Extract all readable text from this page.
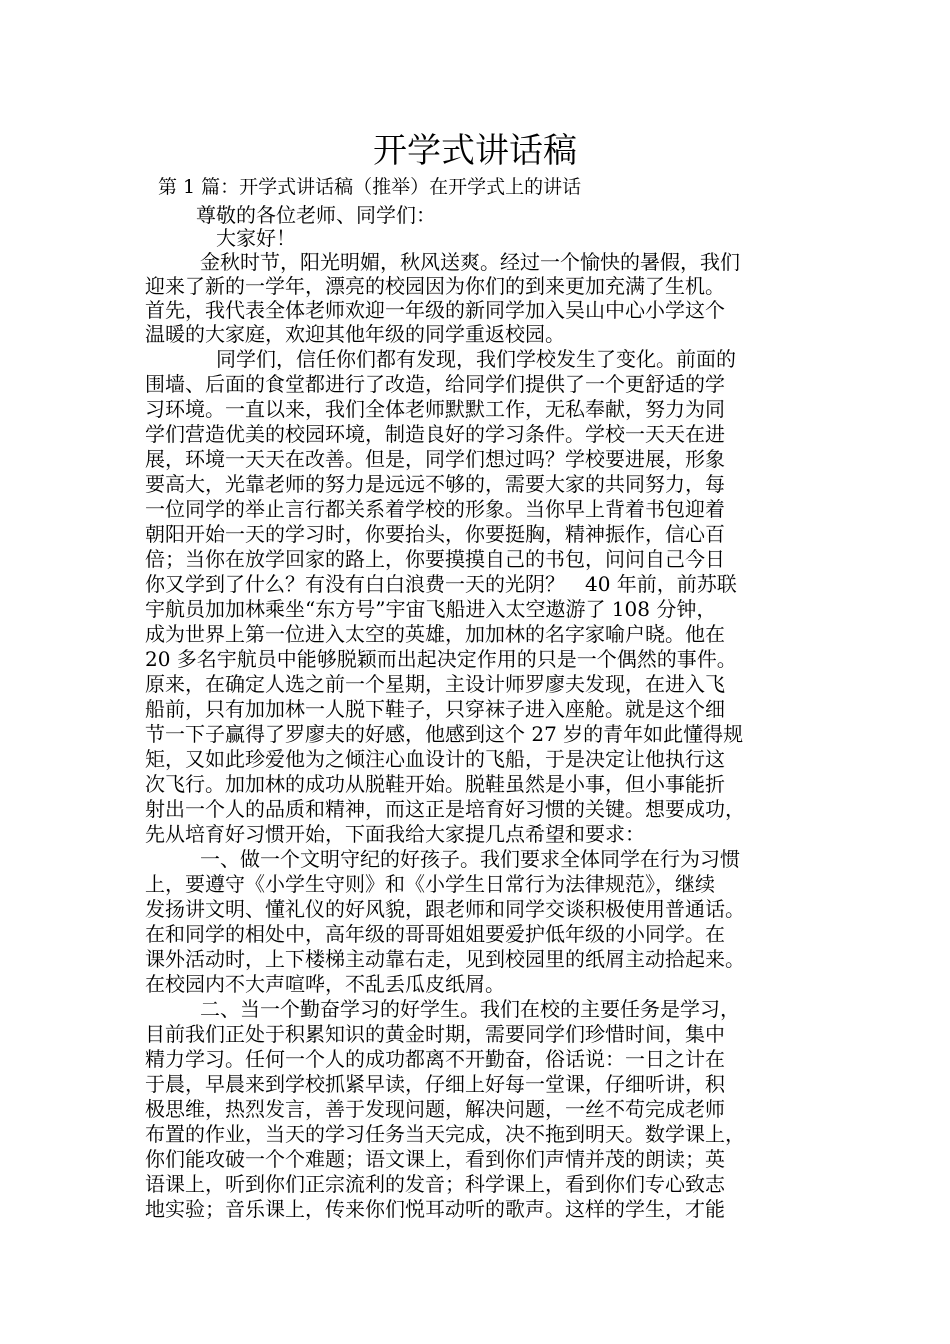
开学式讲话稿

第 1 篇：开学式讲话稿（推举）在开学式上的讲话

尊敬的各位老师、同学们：

大家好！

金秋时节，阳光明媚，秋风送爽。经过一个愉快的暑假，我们

迎来了新的一学年，漂亮的校园因为你们的到来更加充满了生机。

首先，我代表全体老师欢迎一年级的新同学加入吴山中心小学这个

温暖的大家庭，欢迎其他年级的同学重返校园。

同学们，信任你们都有发现，我们学校发生了变化。前面的

围墙、后面的食堂都进行了改造，给同学们提供了一个更舒适的学

习环境。一直以来，我们全体老师默默工作，无私奉献，努力为同

学们营造优美的校园环境，制造良好的学习条件。学校一天天在进

展，环境一天天在改善。但是，同学们想过吗？学校要进展，形象

要高大，光靠老师的努力是远远不够的，需要大家的共同努力，每

一位同学的举止言行都关系着学校的形象。当你早上背着书包迎着

朝阳开始一天的学习时，你要抬头，你要挺胸，精神振作，信心百

倍；当你在放学回家的路上，你要摸摸自己的书包，问问自己今日

你又学到了什么？有没有白白浪费一天的光阴？　40 年前，前苏联

宇航员加加林乘坐“东方号”宇宙飞船进入太空遨游了 108 分钟，

成为世界上第一位进入太空的英雄，加加林的名字家喻户晓。他在

20 多名宇航员中能够脱颖而出起决定作用的只是一个偶然的事件。

原来，在确定人选之前一个星期，主设计师罗廖夫发现，在进入飞

船前，只有加加林一人脱下鞋子，只穿袜子进入座舱。就是这个细

节一下子赢得了罗廖夫的好感，他感到这个 27 岁的青年如此懂得规

矩，又如此珍爱他为之倾注心血设计的飞船，于是决定让他执行这

次飞行。加加林的成功从脱鞋开始。脱鞋虽然是小事，但小事能折

射出一个人的品质和精神，而这正是培育好习惯的关键。想要成功，

先从培育好习惯开始，下面我给大家提几点希望和要求：

一、做一个文明守纪的好孩子。我们要求全体同学在行为习惯

上，要遵守《小学生守则》和《小学生日常行为法律规范》，继续

发扬讲文明、懂礼仪的好风貌，跟老师和同学交谈积极使用普通话。

在和同学的相处中，高年级的哥哥姐姐要爱护低年级的小同学。在

课外活动时，上下楼梯主动靠右走，见到校园里的纸屑主动拾起来。

在校园内不大声喧哗，不乱丢瓜皮纸屑。

二、当一个勤奋学习的好学生。我们在校的主要任务是学习，

目前我们正处于积累知识的黄金时期，需要同学们珍惜时间，集中

精力学习。任何一个人的成功都离不开勤奋，俗话说：一日之计在

于晨，早晨来到学校抓紧早读，仔细上好每一堂课，仔细听讲，积

极思维，热烈发言，善于发现问题，解决问题，一丝不苟完成老师

布置的作业，当天的学习任务当天完成，决不拖到明天。数学课上，

你们能攻破一个个难题；语文课上，看到你们声情并茂的朗读；英

语课上，听到你们正宗流利的发音；科学课上，看到你们专心致志

地实验；音乐课上，传来你们悦耳动听的歌声。这样的学生，才能
